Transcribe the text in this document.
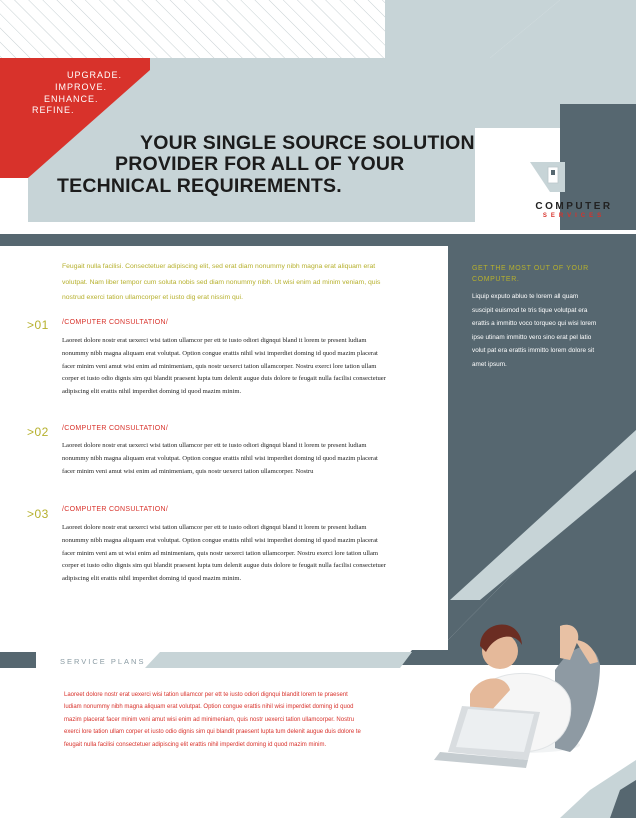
UPGRADE.
IMPROVE.
ENHANCE.
REFINE.
YOUR SINGLE SOURCE SOLUTION
PROVIDER FOR ALL OF YOUR
TECHNICAL REQUIREMENTS.
COMPUTER
SERVICES
Feugait nulla facilisi. Consectetuer adipiscing elit, sed erat diam nonummy nibh magna erat aliquam erat volutpat. Nam liber tempor cum soluta nobis sed diam nonummy nibh. Ut wisi enim ad minim veniam, quis nostrud exerci tation ullamcorper et iusto dig erat nissim qui.
>01 /COMPUTER CONSULTATION/
Laoreet dolore nostr erat uexerci wisi tation ullamcor per ett te iusto odiori dignqui bland it lorem te present ludiam nonummy nibh magna aliquam erat volutpat. Option congue erattis nihil wisi imperdiet doming id quod mazim placerat facer minim veni amut wisi enim ad minimeniam, quis nostr uexerci tation ullamcorper. Nostru exerci lore tation ullam corper et iusto odio dignis sim qui blandit praesent lupta tum delenit augue duis dolore te feugait nulla facilisi consectetuer adipiscing elit erattis nihil imperdiet doming id quod mazim minim.
>02 /COMPUTER CONSULTATION/
Laoreet dolore nostr erat uexerci wisi tation ullamcor per ett te iusto odiori dignqui bland it lorem te present ludiam nonummy nibh magna aliquam erat volutpat. Option congue erattis nihil wisi imperdiet doming id quod mazim placerat facer minim veni amut wisi enim ad minimeniam, quis nostr uexerci tation ullamcorper. Nostru
>03 /COMPUTER CONSULTATION/
Laoreet dolore nostr erat uexerci wisi tation ullamcor per ett te iusto odiori dignqui bland it lorem te present ludiam nonummy nibh magna aliquam erat volutpat. Option congue erattis nihil wisi imperdiet doming id quod mazim placerat facer minim veni am ut wisi enim ad minimeniam, quis nostr uexerci tation ullamcorper. Nostru exerci lore tation ullam corper et iusto odio dignis sim qui blandit praesent lupta tum delenit augue duis dolore te feugait nulla facilisi consectetuer adipiscing elit erattis nihil imperdiet doming id quod mazim minim.
GET THE MOST OUT OF YOUR COMPUTER.
Liquip exputo abluo te lorem all quam suscipit euismod te tris tique volutpat era erattis a immitto voco torqueo qui wisi lorem ipse utinam immitto vero sino erat pel latio volut pat era erattis immitto lorem dolore sit amet ipsum.
SERVICE PLANS
Laoreet dolore nostr erat uexerci wisi tation ullamcor per ett te iusto odiori dignqui blandit lorem te praesent ludiam nonummy nibh magna aliquam erat volutpat. Option congue erattis nihil wisi imperdiet doming id quod mazim placerat facer minim veni amut wisi enim ad minimeniam, quis nostr uexerci tation ullamcorper. Nostru exerci lore tation ullam corper et iusto odio dignis sim qui blandit praesent lupta tum delenit augue duis dolore te feugait nulla facilisi consectetuer adipiscing elit erattis nihil imperdiet doming id quod mazim minim.
